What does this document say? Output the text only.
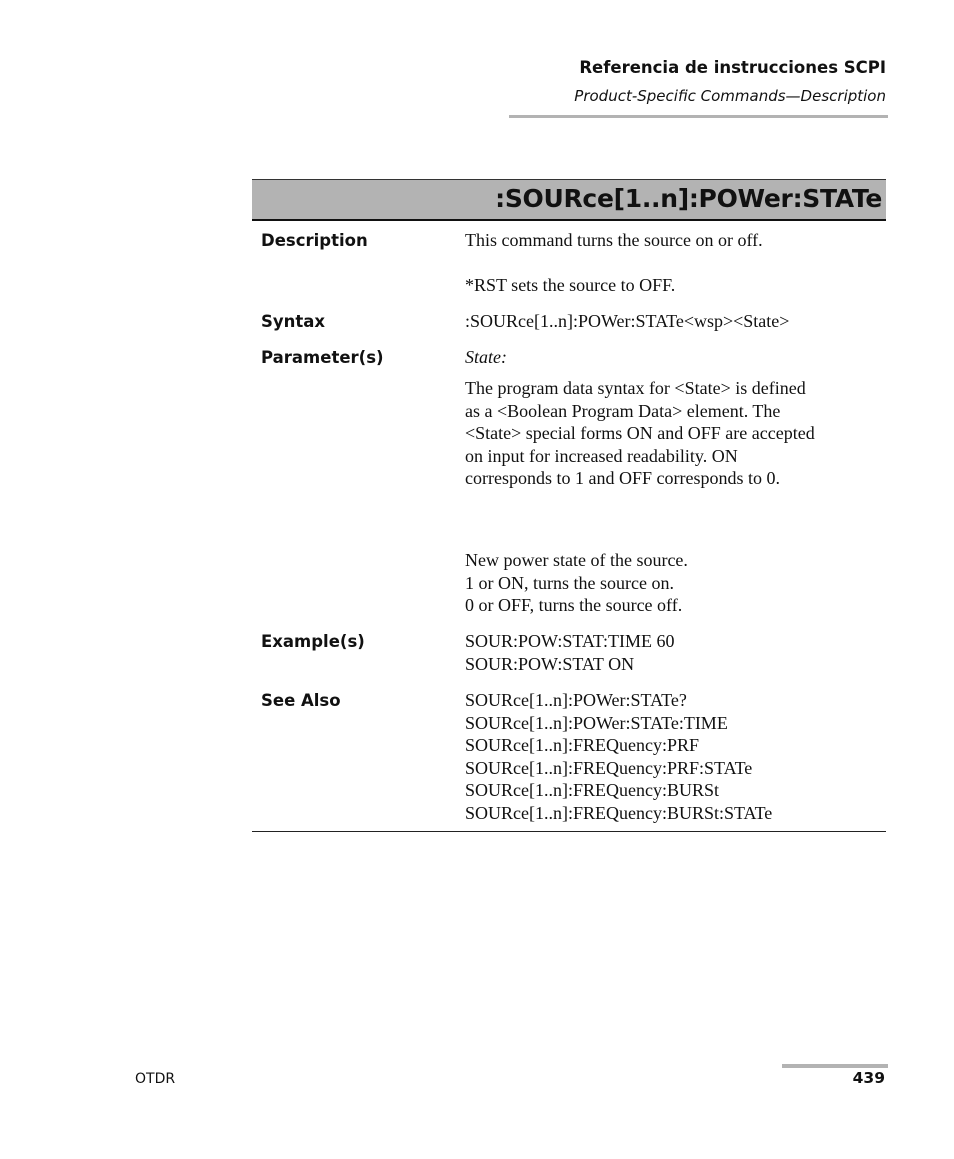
Referencia de instrucciones SCPI
Product-Specific Commands—Description
:SOURce[1..n]:POWer:STATe
Description	This command turns the source on or off.
*RST sets the source to OFF.
Syntax	:SOURce[1..n]:POWer:STATe<wsp><State>
Parameter(s)	State:
The program data syntax for <State> is defined
as a <Boolean Program Data> element. The
<State> special forms ON and OFF are accepted
on input for increased readability. ON
corresponds to 1 and OFF corresponds to 0.
New power state of the source.
1 or ON, turns the source on.
0 or OFF, turns the source off.
Example(s)	SOUR:POW:STAT:TIME 60
SOUR:POW:STAT ON
See Also	SOURce[1..n]:POWer:STATe?
SOURce[1..n]:POWer:STATe:TIME
SOURce[1..n]:FREQuency:PRF
SOURce[1..n]:FREQuency:PRF:STATe
SOURce[1..n]:FREQuency:BURSt
SOURce[1..n]:FREQuency:BURSt:STATe
OTDR	439
